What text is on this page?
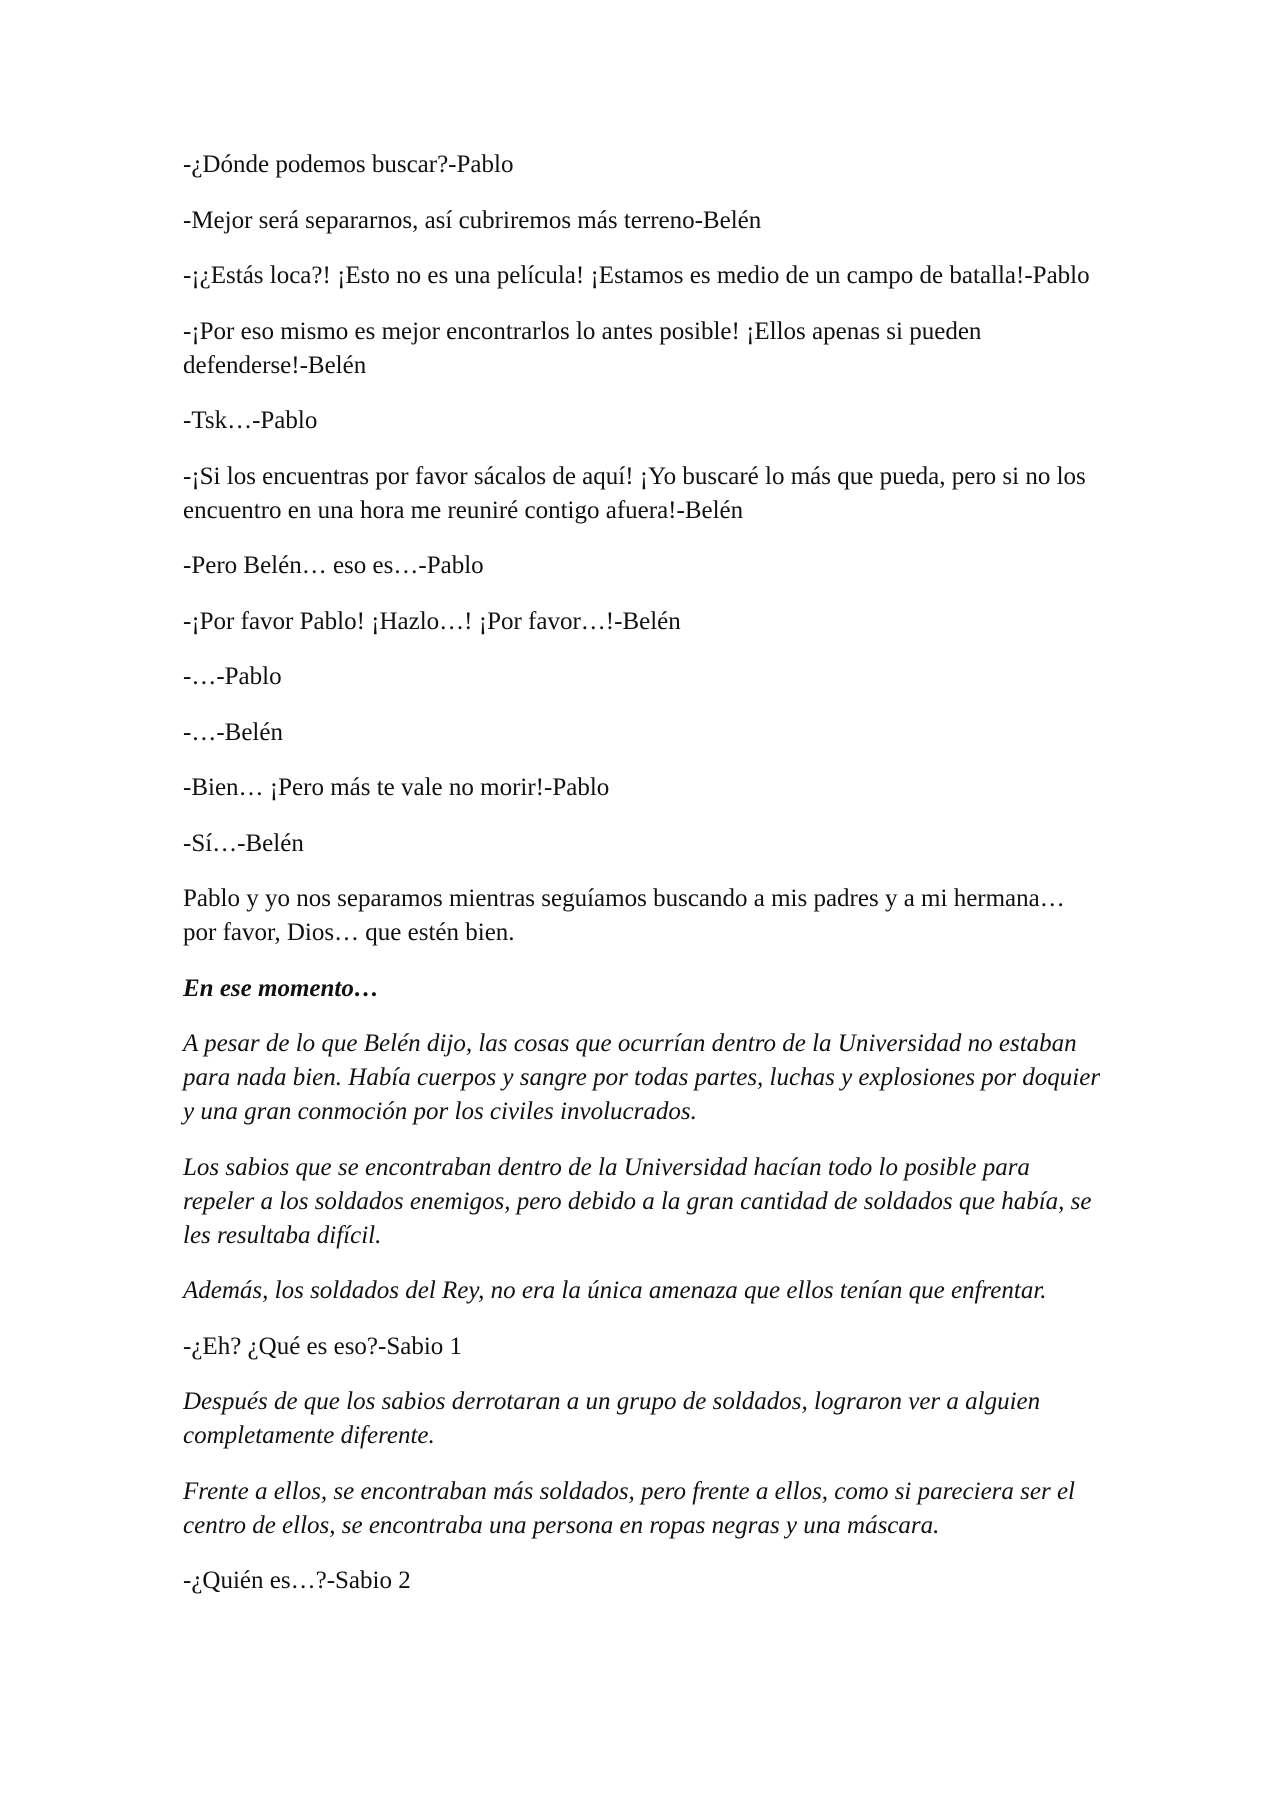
-¿Dónde podemos buscar?-Pablo

-Mejor será separarnos, así cubriremos más terreno-Belén

-¡¿Estás loca?! ¡Esto no es una película! ¡Estamos es medio de un campo de batalla!-Pablo

-¡Por eso mismo es mejor encontrarlos lo antes posible! ¡Ellos apenas si pueden defenderse!-Belén

-Tsk…-Pablo

-¡Si los encuentras por favor sácalos de aquí! ¡Yo buscaré lo más que pueda, pero si no los encuentro en una hora me reuniré contigo afuera!-Belén

-Pero Belén… eso es…-Pablo

-¡Por favor Pablo! ¡Hazlo…! ¡Por favor…!-Belén

-…-Pablo

-…-Belén

-Bien… ¡Pero más te vale no morir!-Pablo

-Sí…-Belén

Pablo y yo nos separamos mientras seguíamos buscando a mis padres y a mi hermana… por favor, Dios… que estén bien.

En ese momento…

A pesar de lo que Belén dijo, las cosas que ocurrían dentro de la Universidad no estaban para nada bien. Había cuerpos y sangre por todas partes, luchas y explosiones por doquier y una gran conmoción por los civiles involucrados.

Los sabios que se encontraban dentro de la Universidad hacían todo lo posible para repeler a los soldados enemigos, pero debido a la gran cantidad de soldados que había, se les resultaba difícil.

Además, los soldados del Rey, no era la única amenaza que ellos tenían que enfrentar.

-¿Eh? ¿Qué es eso?-Sabio 1

Después de que los sabios derrotaran a un grupo de soldados, lograron ver a alguien completamente diferente.

Frente a ellos, se encontraban más soldados, pero frente a ellos, como si pareciera ser el centro de ellos, se encontraba una persona en ropas negras y una máscara.

-¿Quién es…?-Sabio 2
